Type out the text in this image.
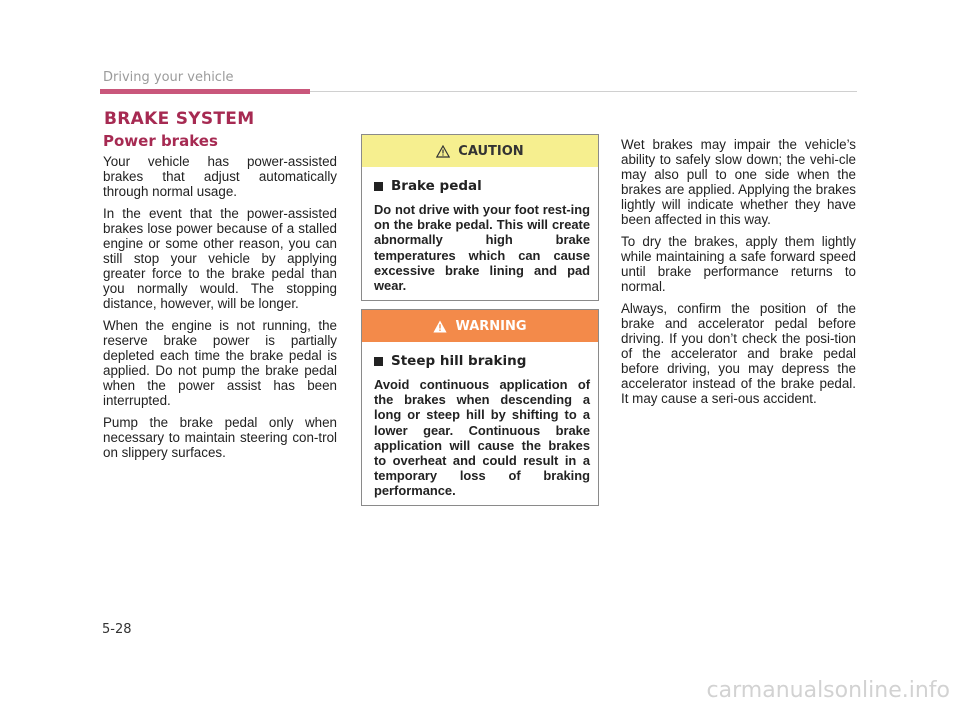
Driving your vehicle
BRAKE SYSTEM
Power brakes

Your vehicle has power-assisted brakes that adjust automatically through normal usage.

In the event that the power-assisted brakes lose power because of a stalled engine or some other reason, you can still stop your vehicle by applying greater force to the brake pedal than you normally would. The stopping distance, however, will be longer.

When the engine is not running, the reserve brake power is partially depleted each time the brake pedal is applied. Do not pump the brake pedal when the power assist has been interrupted.

Pump the brake pedal only when necessary to maintain steering con-trol on slippery surfaces.

CAUTION
Brake pedal
Do not drive with your foot rest-ing on the brake pedal. This will create abnormally high brake temperatures which can cause excessive brake lining and pad wear.
WARNING
Steep hill braking
Avoid continuous application of the brakes when descending a long or steep hill by shifting to a lower gear. Continuous brake application will cause the brakes to overheat and could result in a temporary loss of braking performance.

Wet brakes may impair the vehicle’s ability to safely slow down; the vehi-cle may also pull to one side when the brakes are applied. Applying the brakes lightly will indicate whether they have been affected in this way.

To dry the brakes, apply them lightly while maintaining a safe forward speed until brake performance returns to normal.

Always, confirm the position of the brake and accelerator pedal before driving. If you don’t check the posi-tion of the accelerator and brake pedal before driving, you may depress the accelerator instead of the brake pedal. It may cause a seri-ous accident.

5-28
carmanualsonline.info
